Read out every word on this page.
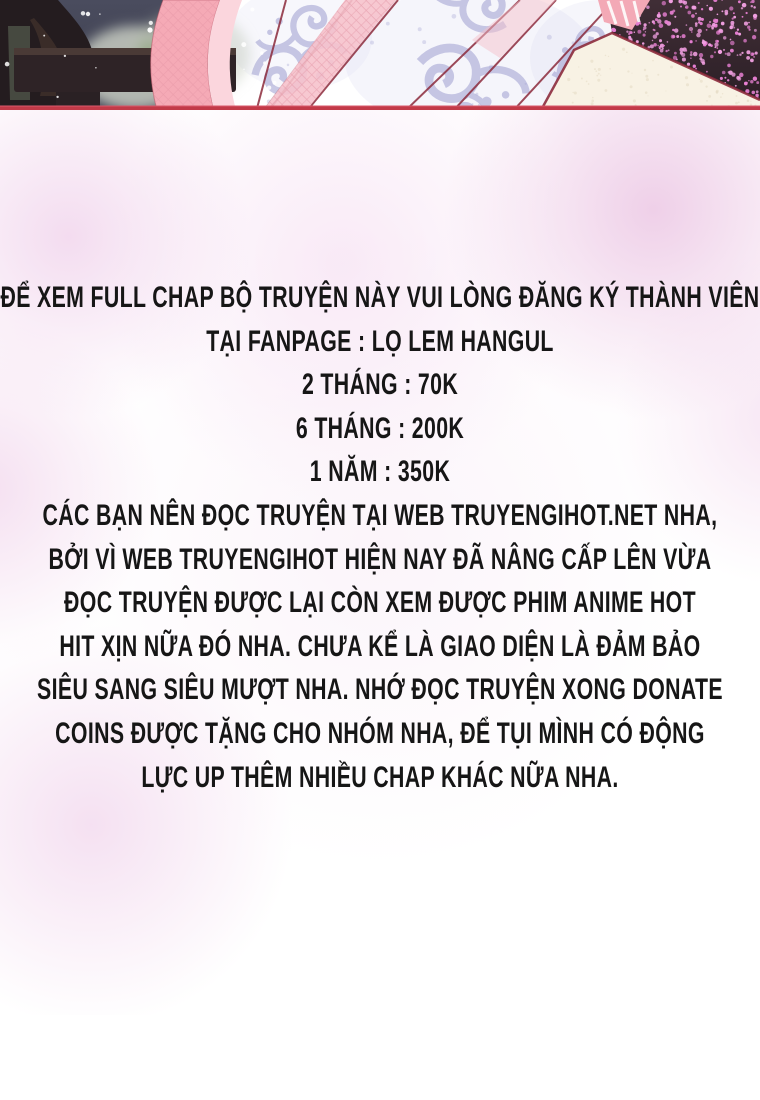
ĐỂ XEM FULL CHAP BỘ TRUYỆN NÀY VUI LÒNG ĐĂNG KÝ THÀNH VIÊN
TẠI FANPAGE : LỌ LEM HANGUL
2 THÁNG : 70K
6 THÁNG : 200K
1 NĂM : 350K
CÁC BẠN NÊN ĐỌC TRUYỆN TẠI WEB TRUYENGIHOT.NET NHA,
BỞI VÌ WEB TRUYENGIHOT HIỆN NAY ĐÃ NÂNG CẤP LÊN VỪA
ĐỌC TRUYỆN ĐƯỢC LẠI CÒN XEM ĐƯỢC PHIM ANIME HOT
HIT XỊN NỮA ĐÓ NHA. CHƯA KỂ LÀ GIAO DIỆN LÀ ĐẢM BẢO
SIÊU SANG SIÊU MƯỢT NHA. NHỚ ĐỌC TRUYỆN XONG DONATE
COINS ĐƯỢC TẶNG CHO NHÓM NHA, ĐỂ TỤI MÌNH CÓ ĐỘNG
LỰC UP THÊM NHIỀU CHAP KHÁC NỮA NHA.
